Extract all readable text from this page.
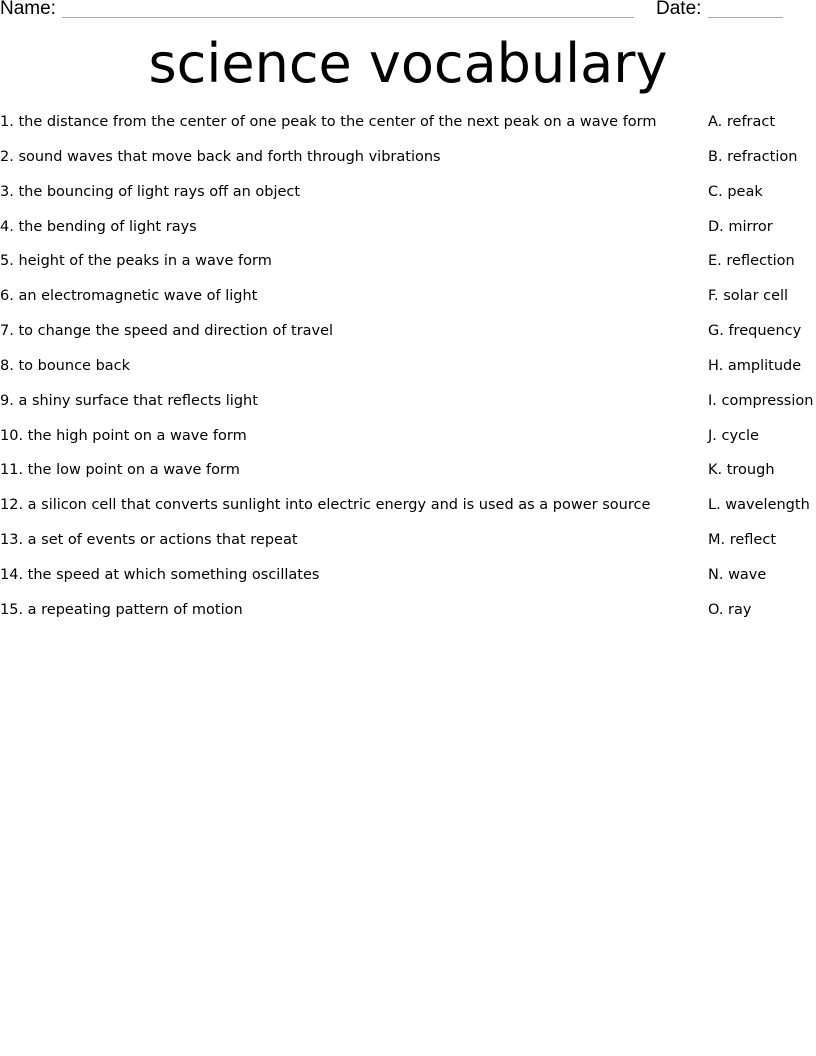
Name:	Date:
science vocabulary
1. the distance from the center of one peak to the center of the next peak on a wave form	A. refract
2. sound waves that move back and forth through vibrations	B. refraction
3. the bouncing of light rays off an object	C. peak
4. the bending of light rays	D. mirror
5. height of the peaks in a wave form	E. reflection
6. an electromagnetic wave of light	F. solar cell
7. to change the speed and direction of travel	G. frequency
8. to bounce back	H. amplitude
9. a shiny surface that reflects light	I. compression
10. the high point on a wave form	J. cycle
11. the low point on a wave form	K. trough
12. a silicon cell that converts sunlight into electric energy and is used as a power source	L. wavelength
13. a set of events or actions that repeat	M. reflect
14. the speed at which something oscillates	N. wave
15. a repeating pattern of motion	O. ray
